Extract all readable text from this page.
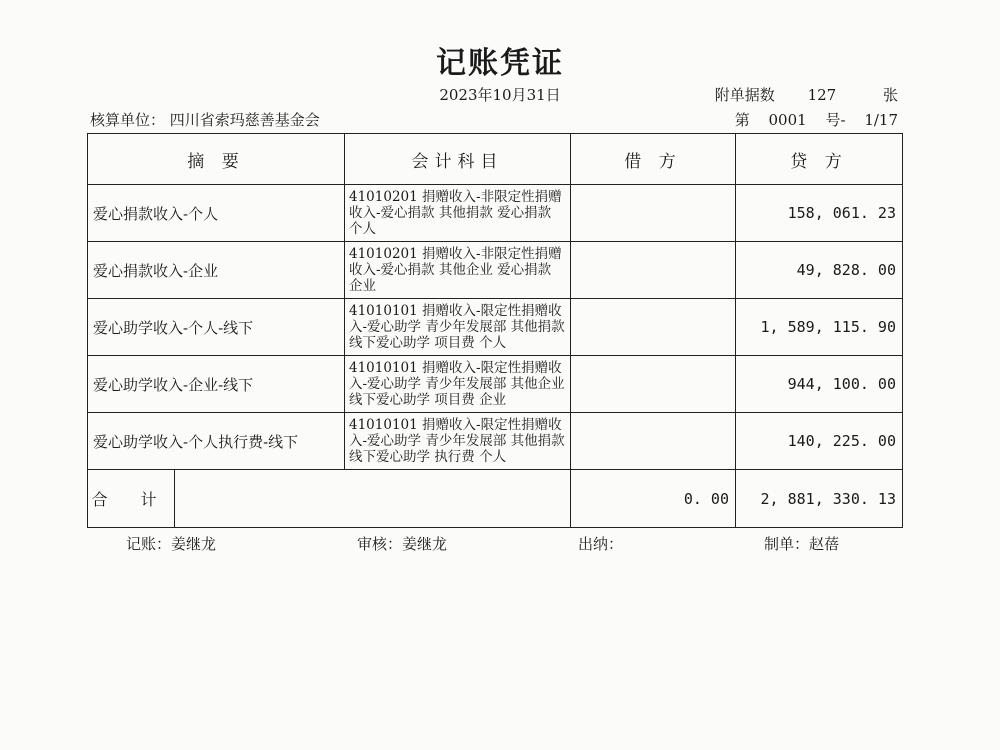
记账凭证
2023年10月31日	附单据数 127	张
核算单位： 四川省索玛慈善基金会	第 0001 号- 1/17
摘 要		会计科目	借 方	贷 方
爱心捐款收入-个人		41010201 捐赠收入-非限定性捐赠收入-爱心捐款 其他捐款 爱心捐款 个人		158, 061. 23
爱心捐款收入-企业		41010201 捐赠收入-非限定性捐赠收入-爱心捐款 其他企业 爱心捐款 企业		49, 828. 00
爱心助学收入-个人-线下		41010101 捐赠收入-限定性捐赠收入-爱心助学 青少年发展部 其他捐款 线下爱心助学 项目费 个人		1, 589, 115. 90
爱心助学收入-企业-线下		41010101 捐赠收入-限定性捐赠收入-爱心助学 青少年发展部 其他企业 线下爱心助学 项目费 企业		944, 100. 00
爱心助学收入-个人执行费-线下		41010101 捐赠收入-限定性捐赠收入-爱心助学 青少年发展部 其他捐款 线下爱心助学 执行费 个人		140, 225. 00
合 计			0. 00	2, 881, 330. 13
记账：姜继龙	审核：姜继龙	出纳：	制单：赵蓓
